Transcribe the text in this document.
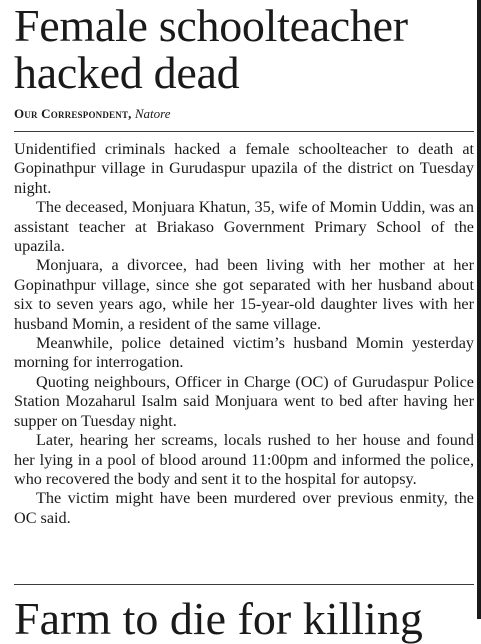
Female schoolteacher hacked dead
Our Correspondent, Natore

Unidentified criminals hacked a female schoolteacher to death at Gopinathpur village in Gurudaspur upazila of the district on Tuesday night.

The deceased, Monjuara Khatun, 35, wife of Momin Uddin, was an assistant teacher at Briakaso Government Primary School of the upazila.

Monjuara, a divorcee, had been living with her mother at her Gopinathpur village, since she got separated with her husband about six to seven years ago, while her 15-year-old daughter lives with her husband Momin, a resident of the same village.

Meanwhile, police detained victim’s husband Momin yesterday morning for interrogation.

Quoting neighbours, Officer in Charge (OC) of Gurudaspur Police Station Mozaharul Isalm said Monjuara went to bed after having her supper on Tuesday night.

Later, hearing her screams, locals rushed to her house and found her lying in a pool of blood around 11:00pm and informed the police, who recovered the body and sent it to the hospital for autopsy.

The victim might have been murdered over previous enmity, the OC said.

Farm to die for killing
